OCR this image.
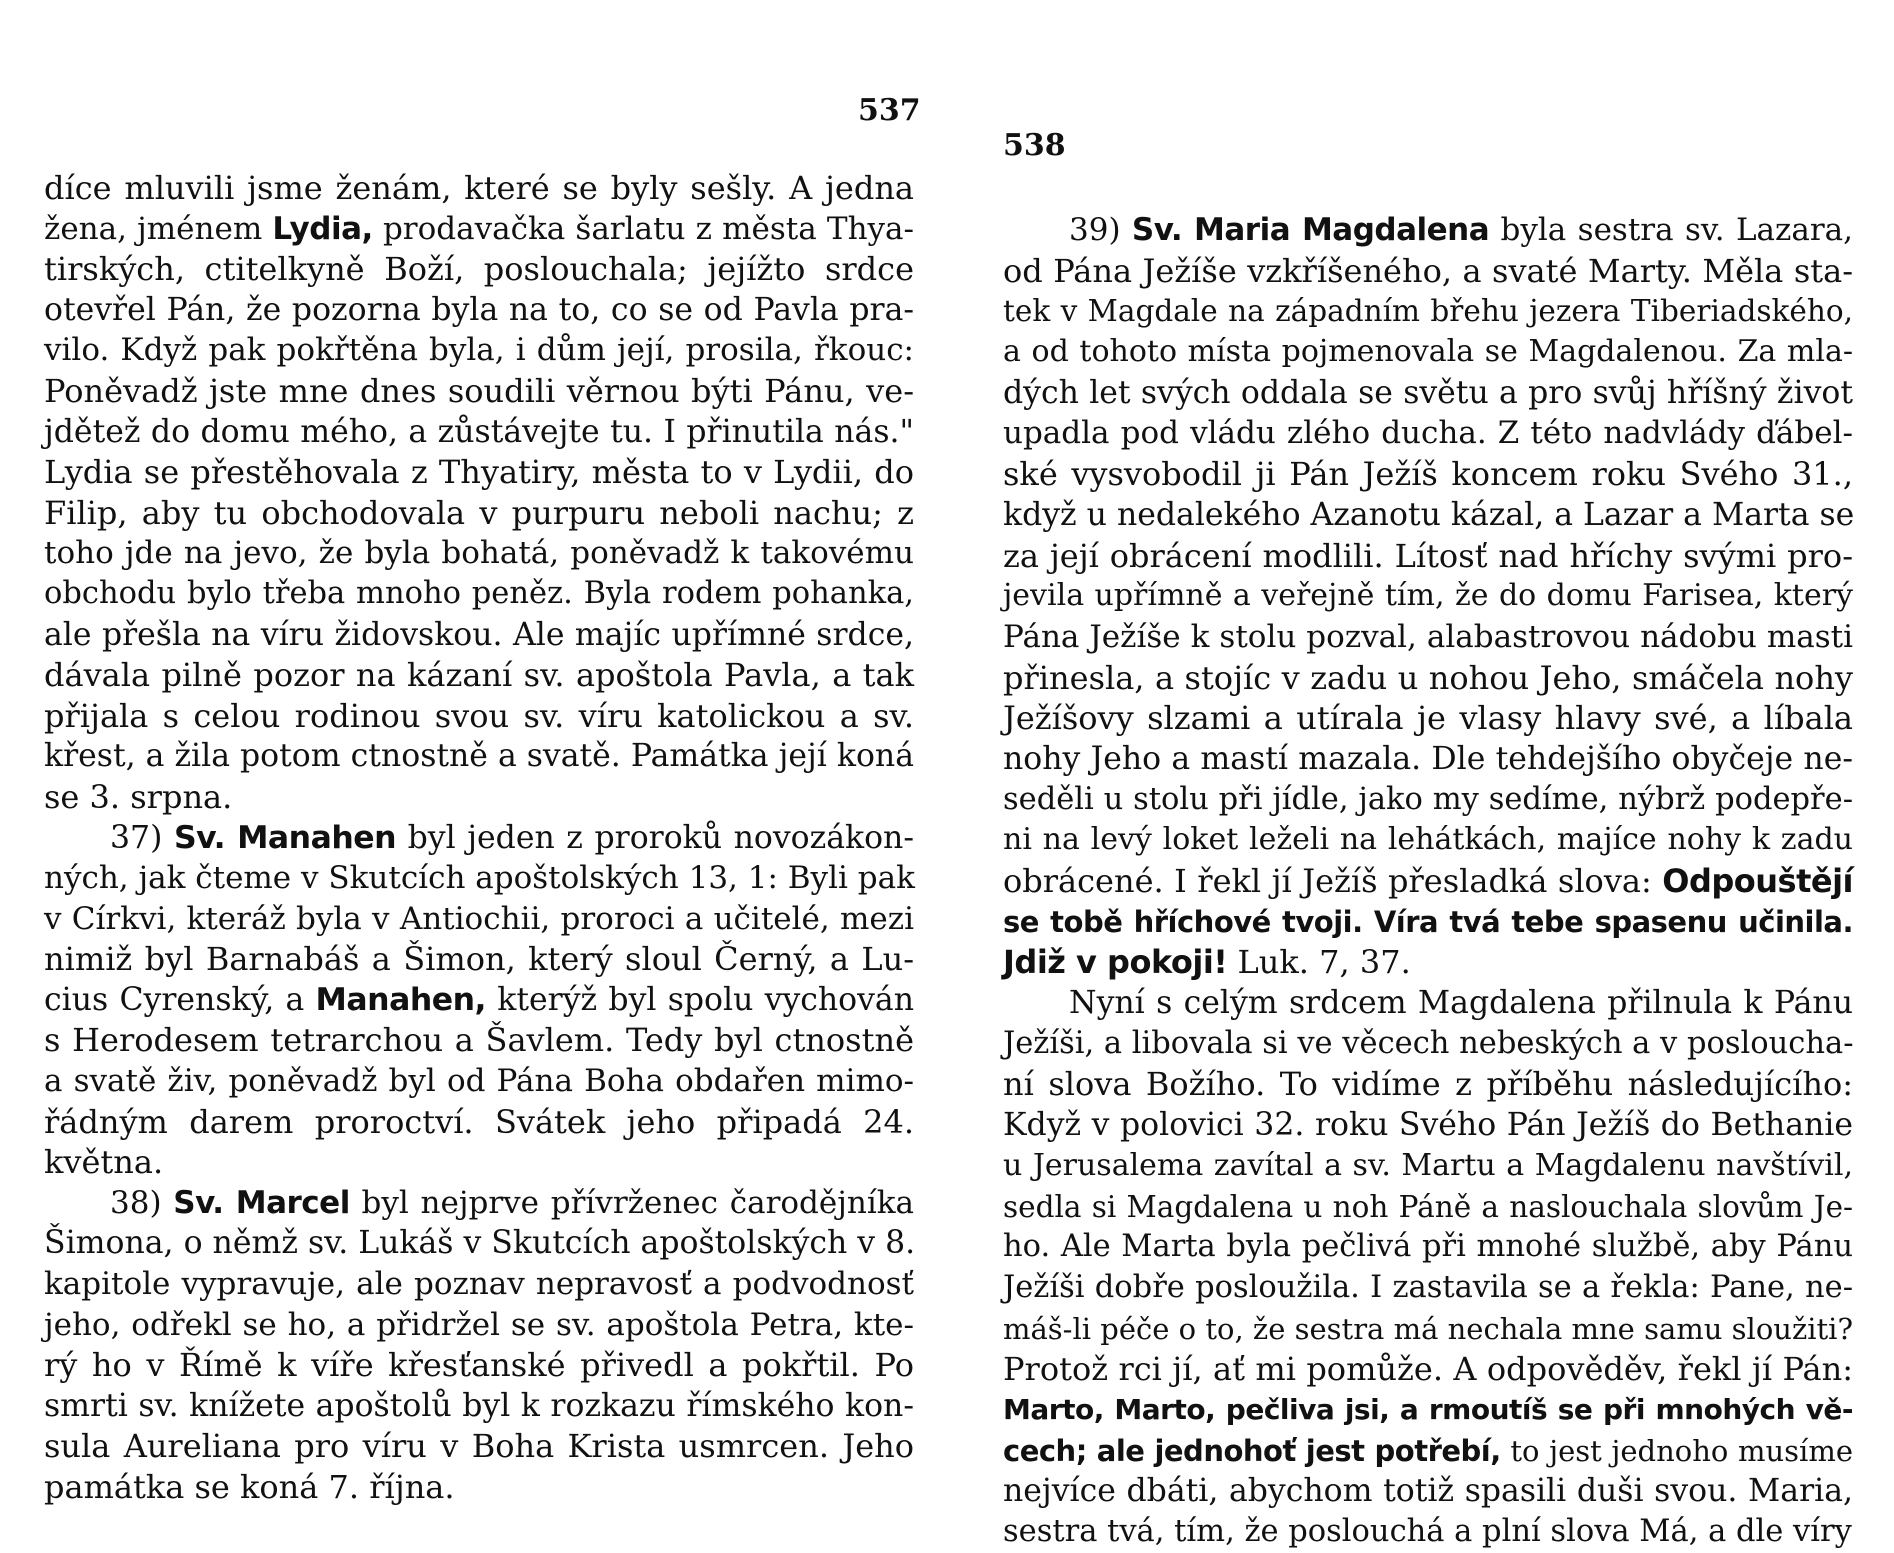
537
538
díce mluvili jsme ženám, které se byly sešly. A jedna
žena, jménem Lydia, prodavačka šarlatu z města Thya-
tirských, ctitelkyně Boží, poslouchala; jejížto srdce
otevřel Pán, že pozorna byla na to, co se od Pavla pra-
vilo. Když pak pokřtěna byla, i dům její, prosila, řkouc:
Poněvadž jste mne dnes soudili věrnou býti Pánu, ve-
jdětež do domu mého, a zůstávejte tu. I přinutila nás."
Lydia se přestěhovala z Thyatiry, města to v Lydii, do
Filip, aby tu obchodovala v purpuru neboli nachu; z
toho jde na jevo, že byla bohatá, poněvadž k takovému
obchodu bylo třeba mnoho peněz. Byla rodem pohanka,
ale přešla na víru židovskou. Ale majíc upřímné srdce,
dávala pilně pozor na kázaní sv. apoštola Pavla, a tak
přijala s celou rodinou svou sv. víru katolickou a sv.
křest, a žila potom ctnostně a svatě. Památka její koná
se 3. srpna.
37) Sv. Manahen byl jeden z proroků novozákon-
ných, jak čteme v Skutcích apoštolských 13, 1: Byli pak
v Církvi, kteráž byla v Antiochii, proroci a učitelé, mezi
nimiž byl Barnabáš a Šimon, který sloul Černý, a Lu-
cius Cyrenský, a Manahen, kterýž byl spolu vychován
s Herodesem tetrarchou a Šavlem. Tedy byl ctnostně
a svatě živ, poněvadž byl od Pána Boha obdařen mimo-
řádným darem proroctví. Svátek jeho připadá 24.
května.
38) Sv. Marcel byl nejprve přívrženec čarodějníka
Šimona, o němž sv. Lukáš v Skutcích apoštolských v 8.
kapitole vypravuje, ale poznav nepravosť a podvodnosť
jeho, odřekl se ho, a přidržel se sv. apoštola Petra, kte-
rý ho v Římě k víře křesťanské přivedl a pokřtil. Po
smrti sv. knížete apoštolů byl k rozkazu římského kon-
sula Aureliana pro víru v Boha Krista usmrcen. Jeho
památka se koná 7. října.
39) Sv. Maria Magdalena byla sestra sv. Lazara,
od Pána Ježíše vzkříšeného, a svaté Marty. Měla sta-
tek v Magdale na západním břehu jezera Tiberiadského,
a od tohoto místa pojmenovala se Magdalenou. Za mla-
dých let svých oddala se světu a pro svůj hříšný život
upadla pod vládu zlého ducha. Z této nadvlády ďábel-
ské vysvobodil ji Pán Ježíš koncem roku Svého 31.,
když u nedalekého Azanotu kázal, a Lazar a Marta se
za její obrácení modlili. Lítosť nad hříchy svými pro-
jevila upřímně a veřejně tím, že do domu Farisea, který
Pána Ježíše k stolu pozval, alabastrovou nádobu masti
přinesla, a stojíc v zadu u nohou Jeho, smáčela nohy
Ježíšovy slzami a utírala je vlasy hlavy své, a líbala
nohy Jeho a mastí mazala. Dle tehdejšího obyčeje ne-
seděli u stolu při jídle, jako my sedíme, nýbrž podepře-
ni na levý loket leželi na lehátkách, majíce nohy k zadu
obrácené. I řekl jí Ježíš přesladká slova: Odpouštějí
se tobě hříchové tvoji. Víra tvá tebe spasenu učinila.
Jdiž v pokoji! Luk. 7, 37.
Nyní s celým srdcem Magdalena přilnula k Pánu
Ježíši, a libovala si ve věcech nebeských a v posloucha-
ní slova Božího. To vidíme z příběhu následujícího:
Když v polovici 32. roku Svého Pán Ježíš do Bethanie
u Jerusalema zavítal a sv. Martu a Magdalenu navštívil,
sedla si Magdalena u noh Páně a naslouchala slovům Je-
ho. Ale Marta byla pečlivá při mnohé službě, aby Pánu
Ježíši dobře posloužila. I zastavila se a řekla: Pane, ne-
máš-li péče o to, že sestra má nechala mne samu sloužiti?
Protož rci jí, ať mi pomůže. A odpověděv, řekl jí Pán:
Marto, Marto, pečliva jsi, a rmoutíš se při mnohých vě-
cech; ale jednohoť jest potřebí, to jest jednoho musíme
nejvíce dbáti, abychom totiž spasili duši svou. Maria,
sestra tvá, tím, že poslouchá a plní slova Má, a dle víry
